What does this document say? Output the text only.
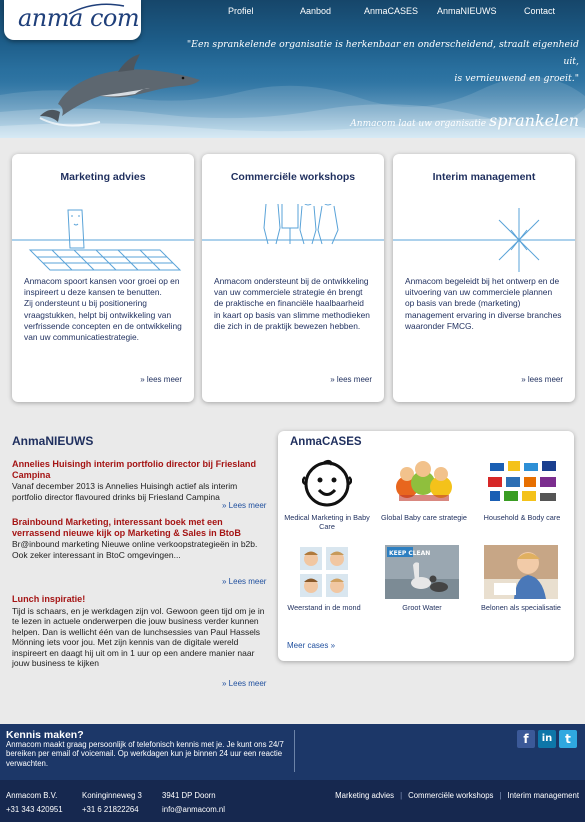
anma com	Profiel	Aanbod	AnmaCASES AnmaNIEUWS	Contact
"Een sprankelende organisatie is herkenbaar en onderscheidend, straalt eigenheid uit,
is vernieuwend en groeit."
Anmacom laat uw organisatie sprankelen
Marketing advies
Anmacom spoort kansen voor groei op en inspireert u deze kansen te benutten.
Zij ondersteunt u bij positionering vraagstukken, helpt bij ontwikkeling van verfrissende concepten en de ontwikkeling van uw communicatiestrategie.
» lees meer
Commerciële workshops
Anmacom ondersteunt bij de ontwikkeling van uw commerciele strategie én brengt de praktische en financiële haalbaarheid in kaart op basis van slimme methodieken die zich in de praktijk bewezen hebben.
» lees meer
Interim management
Anmacom begeleidt bij het ontwerp en de uitvoering van uw commerciele plannen op basis van brede (marketing) management ervaring in diverse branches waaronder FMCG.
» lees meer
AnmaNIEUWS
Annelies Huisingh interim portfolio director bij Friesland Campina
Vanaf december 2013 is Annelies Huisingh actief als interim portfolio director flavoured drinks bij Friesland Campina
» Lees meer
Brainbound Marketing, interessant boek met een verrassend nieuwe kijk op Marketing & Sales in BtoB
Br@inbound marketing Nieuwe online verkoopstrategieën in b2b. Ook zeker interessant in BtoC omgevingen...
» Lees meer
Lunch inspiratie!
Tijd is schaars, en je werkdagen zijn vol. Gewoon geen tijd om je in te lezen in actuele onderwerpen die jouw business verder kunnen helpen. Dan is wellicht één van de lunchsessies van Paul Hassels Mönning iets voor jou. Met zijn kennis van de digitale wereld inspireert en daagt hij uit om in 1 uur op een andere manier naar jouw business te kijken
» Lees meer
AnmaCASES
Medical Marketing in Baby Care
Global Baby care strategie	Household & Body care
Weerstand in de mond
KEEP CLEAN
Groot Water	Belonen als specialisatie
Meer cases »
Kennis maken?

Anmacom maakt graag persoonlijk of telefonisch kennis met je. Je kunt ons 24/7 bereiken per email of voicemail. Op werkdagen kun je binnen 24 uur een reactie verwachten.

f	in	t
Anmacom B.V.
+31 343 420951
Koninginneweg 3
+31 6 21822264
3941 DP Doorn
info@anmacom.nl
Marketing advies | Commerciële workshops | Interim management
